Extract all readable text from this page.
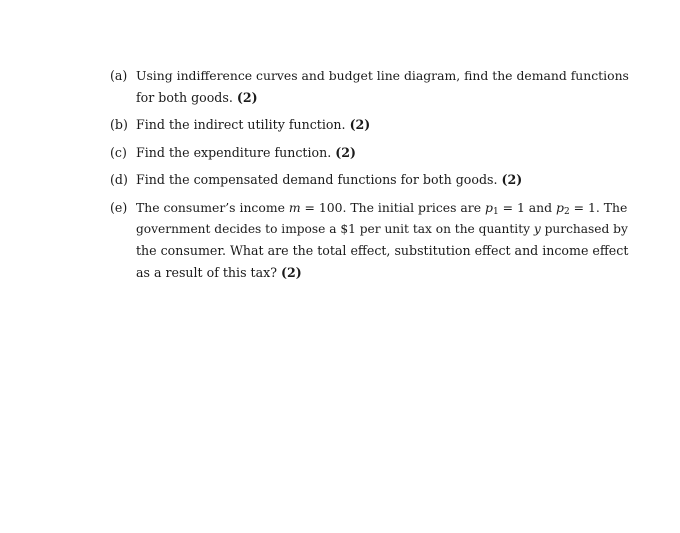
(a) Using indifference curves and budget line diagram, find the demand functions
for both goods. (2)
(b) Find the indirect utility function. (2)
(c) Find the expenditure function. (2)
(d) Find the compensated demand functions for both goods. (2)
(e) The consumer’s income m = 100. The initial prices are $p_1 = 1$ and $p_2 = 1$. The
government decides to impose a $1 per unit tax on the quantity y purchased by
the consumer. What are the total effect, substitution effect and income effect
as a result of this tax? (2)
